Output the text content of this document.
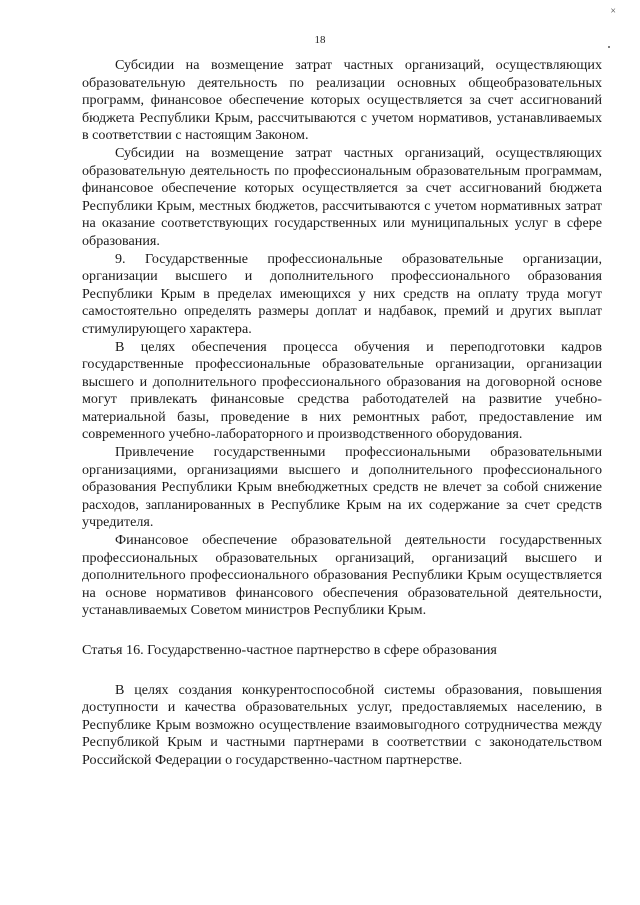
×
18

Субсидии на возмещение затрат частных организаций, осуществляющих образовательную деятельность по реализации основных общеобразовательных программ, финансовое обеспечение которых осуществляется за счет ассигнований бюджета Республики Крым, рассчитываются с учетом нормативов, устанавливаемых в соответствии с настоящим Законом.

Субсидии на возмещение затрат частных организаций, осуществляющих образовательную деятельность по профессиональным образовательным программам, финансовое обеспечение которых осуществляется за счет ассигнований бюджета Республики Крым, местных бюджетов, рассчитываются с учетом нормативных затрат на оказание соответствующих государственных или муниципальных услуг в сфере образования.

9. Государственные профессиональные образовательные организации, организации высшего и дополнительного профессионального образования Республики Крым в пределах имеющихся у них средств на оплату труда могут самостоятельно определять размеры доплат и надбавок, премий и других выплат стимулирующего характера.

В целях обеспечения процесса обучения и переподготовки кадров государственные профессиональные образовательные организации, организации высшего и дополнительного профессионального образования на договорной основе могут привлекать финансовые средства работодателей на развитие учебно-материальной базы, проведение в них ремонтных работ, предоставление им современного учебно-лабораторного и производственного оборудования.

Привлечение государственными профессиональными образовательными организациями, организациями высшего и дополнительного профессионального образования Республики Крым внебюджетных средств не влечет за собой снижение расходов, запланированных в Республике Крым на их содержание за счет средств учредителя.

Финансовое обеспечение образовательной деятельности государственных профессиональных образовательных организаций, организаций высшего и дополнительного профессионального образования Республики Крым осуществляется на основе нормативов финансового обеспечения образовательной деятельности, устанавливаемых Советом министров Республики Крым.

Статья 16. Государственно-частное партнерство в сфере образования

В целях создания конкурентоспособной системы образования, повышения доступности и качества образовательных услуг, предоставляемых населению, в Республике Крым возможно осуществление взаимовыгодного сотрудничества между Республикой Крым и частными партнерами в соответствии с законодательством Российской Федерации о государственно-частном партнерстве.
